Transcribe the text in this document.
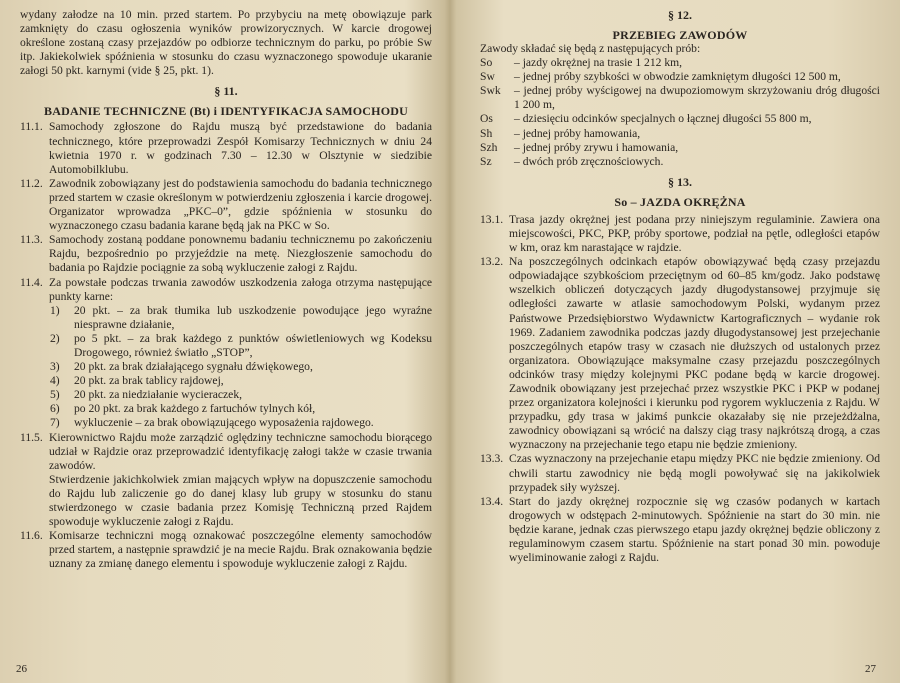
wydany załodze na 10 min. przed startem. Po przybyciu na metę obowiązuje park zamknięty do czasu ogłoszenia wyników prowizorycznych. W karcie drogowej określone zostaną czasy przejazdów po odbiorze technicznym do parku, po próbie Sw itp. Jakiekolwiek spóźnienia w stosunku do czasu wyznaczonego spowoduje ukaranie załogi 50 pkt. karnymi (vide § 25, pkt. 1).

§ 11.

BADANIE TECHNICZNE (Bt) i IDENTYFIKACJA SAMOCHODU

11.1. Samochody zgłoszone do Rajdu muszą być przedstawione do badania technicznego, które przeprowadzi Zespół Komisarzy Technicznych w dniu 24 kwietnia 1970 r. w godzinach 7.30 – 12.30 w Olsztynie w siedzibie Automobilklubu.
11.2. Zawodnik zobowiązany jest do podstawienia samochodu do badania technicznego przed startem w czasie określonym w potwierdzeniu zgłoszenia i karcie drogowej. Organizator wprowadza „PKC–0”, gdzie spóźnienia w stosunku do wyznaczonego czasu badania karane będą jak na PKC w So.
11.3. Samochody zostaną poddane ponownemu badaniu technicznemu po zakończeniu Rajdu, bezpośrednio po przyjeździe na metę. Niezgłoszenie samochodu do badania po Rajdzie pociągnie za sobą wykluczenie załogi z Rajdu.
11.4. Za powstałe podczas trwania zawodów uszkodzenia załoga otrzyma następujące punkty karne:
1)	20 pkt. – za brak tłumika lub uszkodzenie powodujące jego wyraźne niesprawne działanie,
2)	po 5 pkt. – za brak każdego z punktów oświetleniowych wg Kodeksu Drogowego, również światło „STOP”,
3)	20 pkt. za brak działającego sygnału dźwiękowego,
4)	20 pkt. za brak tablicy rajdowej,
5)	20 pkt. za niedziałanie wycieraczek,
6)	po 20 pkt. za brak każdego z fartuchów tylnych kół,
7)	wykluczenie – za brak obowiązującego wyposażenia rajdowego.
11.5. Kierownictwo Rajdu może zarządzić oględziny techniczne samochodu biorącego udział w Rajdzie oraz przeprowadzić identyfikację załogi także w czasie trwania zawodów.

Stwierdzenie jakichkolwiek zmian mających wpływ na dopuszczenie samochodu do Rajdu lub zaliczenie go do danej klasy lub grupy w stosunku do stanu stwierdzonego w czasie badania przez Komisję Techniczną przed Rajdem spowoduje wykluczenie załogi z Rajdu.

11.6. Komisarze techniczni mogą oznakować poszczególne elementy samochodów przed startem, a następnie sprawdzić je na mecie Rajdu. Brak oznakowania będzie uznany za zmianę danego elementu i spowoduje wykluczenie załogi z Rajdu.
26

§ 12.

PRZEBIEG ZAWODÓW

Zawody składać się będą z następujących prób:

So	– jazdy okrężnej na trasie 1 212 km,
Sw	– jednej próby szybkości w obwodzie zamkniętym długości 12 500 m,
Swk	– jednej próby wyścigowej na dwupoziomowym skrzyżowaniu dróg długości 1 200 m,
Os	– dziesięciu odcinków specjalnych o łącznej długości 55 800 m,
Sh	– jednej próby hamowania,
Szh	– jednej próby zrywu i hamowania,
Sz	– dwóch prób zręcznościowych.

§ 13.

So – JAZDA OKRĘŻNA

13.1. Trasa jazdy okrężnej jest podana przy niniejszym regulaminie. Zawiera ona miejscowości, PKC, PKP, próby sportowe, podział na pętle, odległości etapów w km, oraz km narastające w rajdzie.
13.2. Na poszczególnych odcinkach etapów obowiązywać będą czasy przejazdu odpowiadające szybkościom przeciętnym od 60–85 km/godz. Jako podstawę wszelkich obliczeń dotyczących jazdy długodystansowej przyjmuje się odległości zawarte w atlasie samochodowym Polski, wydanym przez Państwowe Przedsiębiorstwo Wydawnictw Kartograficznych – wydanie rok 1969. Zadaniem zawodnika podczas jazdy długodystansowej jest przejechanie poszczególnych etapów trasy w czasach nie dłuższych od ustalonych przez organizatora. Obowiązujące maksymalne czasy przejazdu poszczególnych odcinków trasy między kolejnymi PKC podane będą w karcie drogowej. Zawodnik obowiązany jest przejechać przez wszystkie PKC i PKP w podanej przez organizatora kolejności i kierunku pod rygorem wykluczenia z Rajdu. W przypadku, gdy trasa w jakimś punkcie okazałaby się nie przejeżdżalna, zawodnicy obowiązani są wrócić na dalszy ciąg trasy najkrótszą drogą, a czas wyznaczony na przejechanie tego etapu nie będzie zmieniony.
13.3. Czas wyznaczony na przejechanie etapu między PKC nie będzie zmieniony. Od chwili startu zawodnicy nie będą mogli powoływać się na jakikolwiek przypadek siły wyższej.
13.4. Start do jazdy okrężnej rozpocznie się wg czasów podanych w kartach drogowych w odstępach 2-minutowych. Spóźnienie na start do 30 min. nie będzie karane, jednak czas pierwszego etapu jazdy okrężnej będzie obliczony z regulaminowym czasem startu. Spóźnienie na start ponad 30 min. powoduje wyeliminowanie załogi z Rajdu.
27
